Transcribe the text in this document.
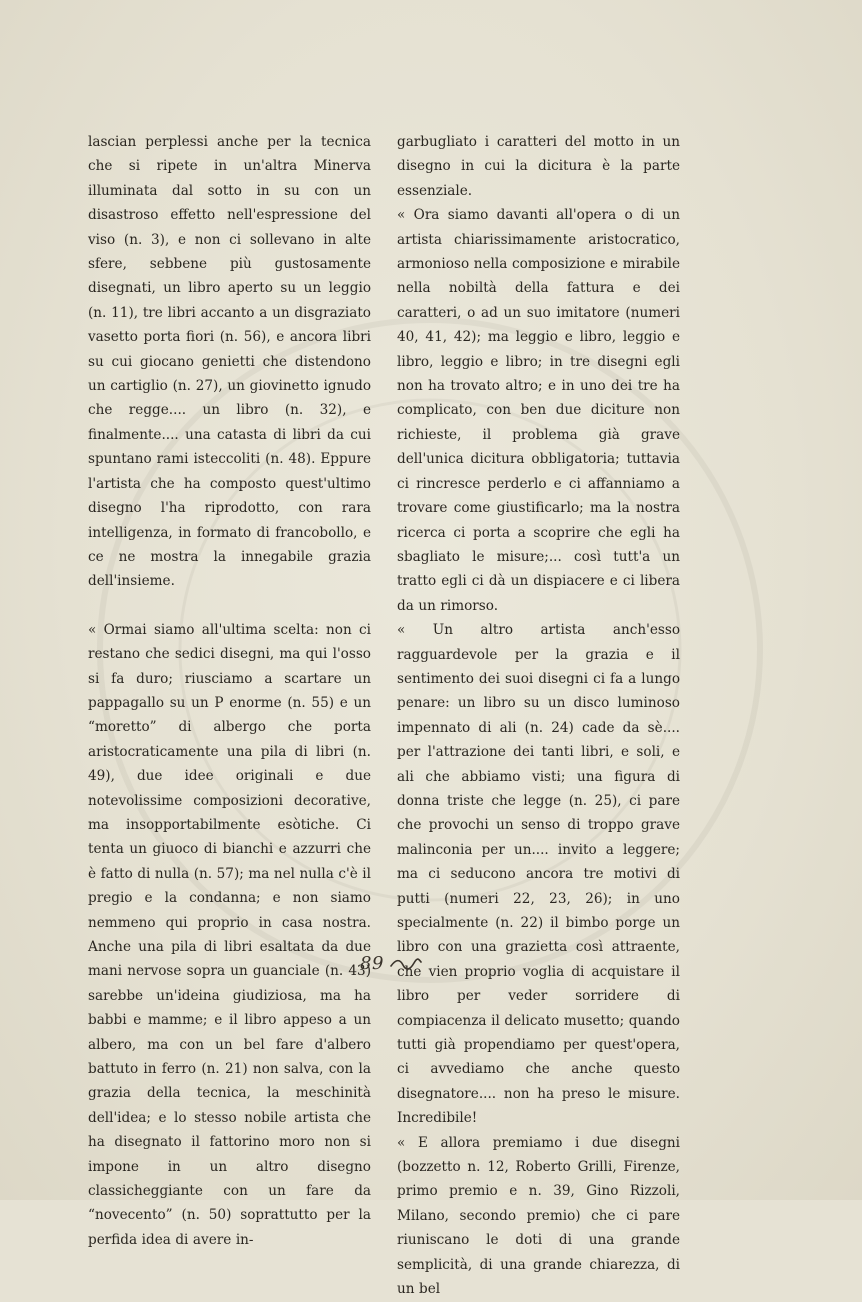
lascian perplessi anche per la tecnica che si ripete in un'altra Minerva illuminata dal sotto in su con un disastroso effetto nell'espressione del viso (n. 3), e non ci sollevano in alte sfere, sebbene più gustosamente disegnati, un libro aperto su un leggio (n. 11), tre libri accanto a un disgraziato vasetto porta fiori (n. 56), e ancora libri su cui giocano genietti che distendono un cartiglio (n. 27), un giovinetto ignudo che regge.... un libro (n. 32), e finalmente.... una catasta di libri da cui spuntano rami isteccoliti (n. 48). Eppure l'artista che ha composto quest'ultimo disegno l'ha riprodotto, con rara intelligenza, in formato di francobollo, e ce ne mostra la innegabile grazia dell'insieme.

« Ormai siamo all'ultima scelta: non ci restano che sedici disegni, ma qui l'osso si fa duro; riusciamo a scartare un pappagallo su un P enorme (n. 55) e un “moretto” di albergo che porta aristocraticamente una pila di libri (n. 49), due idee originali e due notevolissime composizioni decorative, ma insopportabilmente esòtiche. Ci tenta un giuoco di bianchi e azzurri che è fatto di nulla (n. 57); ma nel nulla c'è il pregio e la condanna; e non siamo nemmeno qui proprio in casa nostra. Anche una pila di libri esaltata da due mani nervose sopra un guanciale (n. 43) sarebbe un'ideina giudiziosa, ma ha babbi e mamme; e il libro appeso a un albero, ma con un bel fare d'albero battuto in ferro (n. 21) non salva, con la grazia della tecnica, la meschinità dell'idea; e lo stesso nobile artista che ha disegnato il fattorino moro non si impone in un altro disegno classicheggiante con un fare da “novecento” (n. 50) soprattutto per la perfida idea di avere in-

garbugliato i caratteri del motto in un disegno in cui la dicitura è la parte essenziale.

« Ora siamo davanti all'opera o di un artista chiarissimamente aristocratico, armonioso nella composizione e mirabile nella nobiltà della fattura e dei caratteri, o ad un suo imitatore (numeri 40, 41, 42); ma leggio e libro, leggio e libro, leggio e libro; in tre disegni egli non ha trovato altro; e in uno dei tre ha complicato, con ben due diciture non richieste, il problema già grave dell'unica dicitura obbligatoria; tuttavia ci rincresce perderlo e ci affanniamo a trovare come giustificarlo; ma la nostra ricerca ci porta a scoprire che egli ha sbagliato le misure;... così tutt'a un tratto egli ci dà un dispiacere e ci libera da un rimorso.

« Un altro artista anch'esso ragguardevole per la grazia e il sentimento dei suoi disegni ci fa a lungo penare: un libro su un disco luminoso impennato di ali (n. 24) cade da sè.... per l'attrazione dei tanti libri, e soli, e ali che abbiamo visti; una figura di donna triste che legge (n. 25), ci pare che provochi un senso di troppo grave malinconia per un.... invito a leggere; ma ci seducono ancora tre motivi di putti (numeri 22, 23, 26); in uno specialmente (n. 22) il bimbo porge un libro con una grazietta così attraente, che vien proprio voglia di acquistare il libro per veder sorridere di compiacenza il delicato musetto; quando tutti già propendiamo per quest'opera, ci avvediamo che anche questo disegnatore.... non ha preso le misure. Incredibile!

« E allora premiamo i due disegni (bozzetto n. 12, Roberto Grilli, Firenze, primo premio e n. 39, Gino Rizzoli, Milano, secondo premio) che ci pare riuniscano le doti di una grande semplicità, di una grande chiarezza, di un bel

89
